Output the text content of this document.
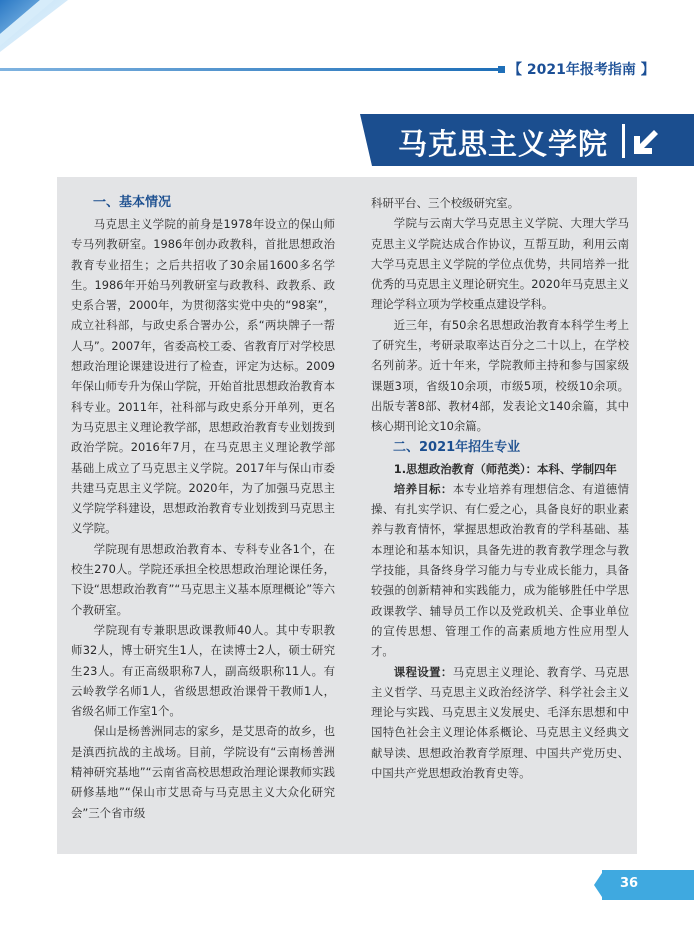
【 2021年报考指南 】
马克思主义学院
一、基本情况

马克思主义学院的前身是1978年设立的保山师专马列教研室。1986年创办政教科，首批思想政治教育专业招生；之后共招收了30余届1600多名学生。1986年开始马列教研室与政教科、政教系、政史系合署，2000年，为贯彻落实党中央的“98案”，成立社科部，与政史系合署办公，系“两块牌子一帮人马”。2007年，省委高校工委、省教育厅对学校思想政治理论课建设进行了检查，评定为达标。2009年保山师专升为保山学院，开始首批思想政治教育本科专业。2011年，社科部与政史系分开单列，更名为马克思主义理论教学部，思想政治教育专业划拨到政治学院。2016年7月，在马克思主义理论教学部基础上成立了马克思主义学院。2017年与保山市委共建马克思主义学院。2020年，为了加强马克思主义学院学科建设，思想政治教育专业划拨到马克思主义学院。

学院现有思想政治教育本、专科专业各1个，在校生270人。学院还承担全校思想政治理论课任务，下设“思想政治教育”“马克思主义基本原理概论”等六个教研室。

学院现有专兼职思政课教师40人。其中专职教师32人，博士研究生1人，在读博士2人，硕士研究生23人。有正高级职称7人，副高级职称11人。有云岭教学名师1人，省级思想政治课骨干教师1人，省级名师工作室1个。

保山是杨善洲同志的家乡，是艾思奇的故乡，也是滇西抗战的主战场。目前，学院设有“云南杨善洲精神研究基地”“云南省高校思想政治理论课教师实践研修基地”“保山市艾思奇与马克思主义大众化研究会”三个省市级

科研平台、三个校级研究室。

学院与云南大学马克思主义学院、大理大学马克思主义学院达成合作协议，互帮互助，利用云南大学马克思主义学院的学位点优势，共同培养一批优秀的马克思主义理论研究生。2020年马克思主义理论学科立项为学校重点建设学科。

近三年，有50余名思想政治教育本科学生考上了研究生，考研录取率达百分之二十以上，在学校名列前茅。近十年来，学院教师主持和参与国家级课题3项，省级10余项，市级5项，校级10余项。出版专著8部、教材4部，发表论文140余篇，其中核心期刊论文10余篇。

二、2021年招生专业

1.思想政治教育（师范类）：本科、学制四年

培养目标：本专业培养有理想信念、有道德情操、有扎实学识、有仁爱之心，具备良好的职业素养与教育情怀，掌握思想政治教育的学科基础、基本理论和基本知识，具备先进的教育教学理念与教学技能，具备终身学习能力与专业成长能力，具备较强的创新精神和实践能力，成为能够胜任中学思政课教学、辅导员工作以及党政机关、企事业单位的宣传思想、管理工作的高素质地方性应用型人才。

课程设置：马克思主义理论、教育学、马克思主义哲学、马克思主义政治经济学、科学社会主义理论与实践、马克思主义发展史、毛泽东思想和中国特色社会主义理论体系概论、马克思主义经典文献导读、思想政治教育学原理、中国共产党历史、中国共产党思想政治教育史等。

36
